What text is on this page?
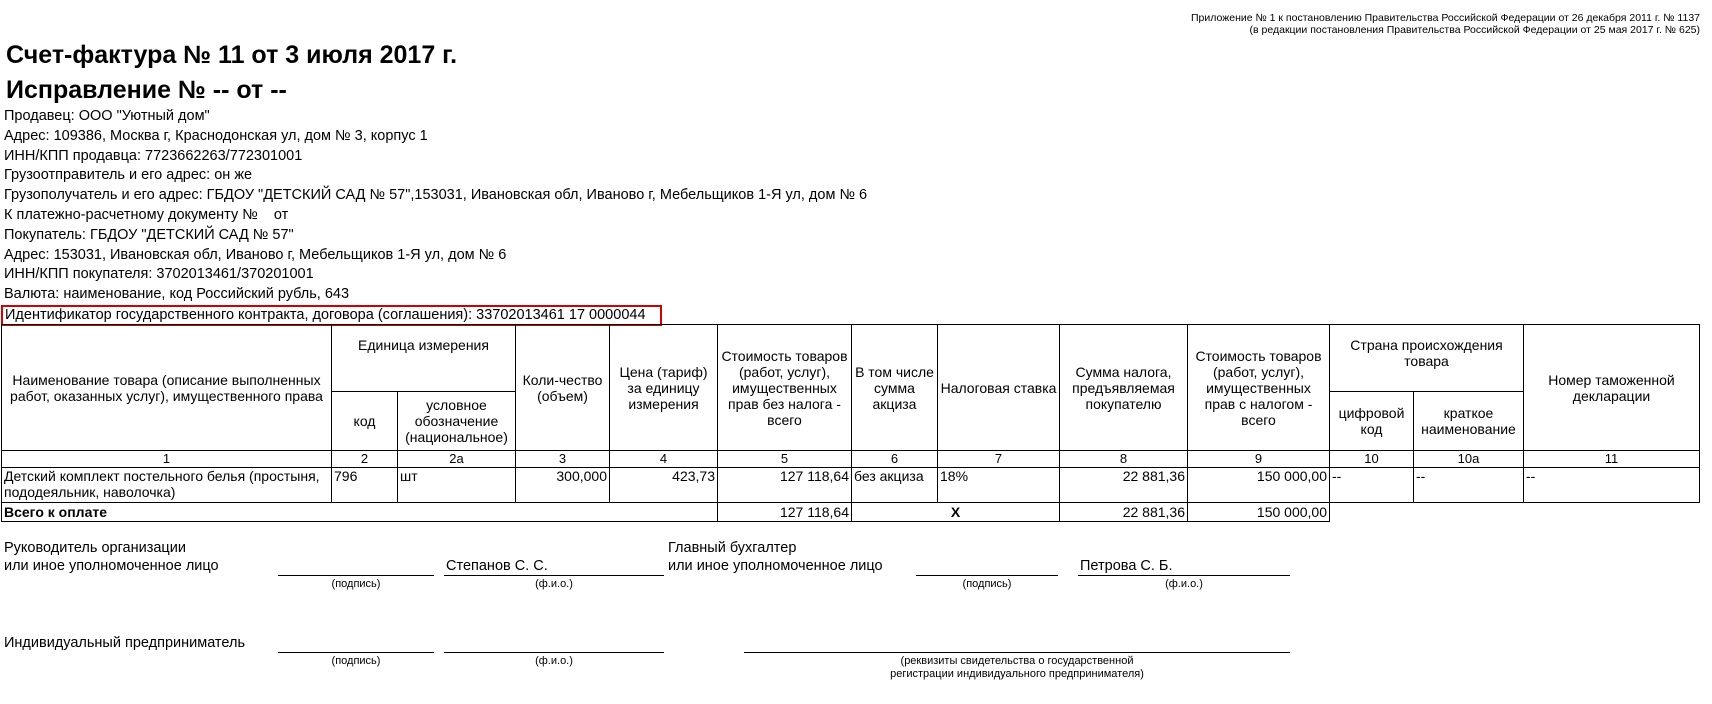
Приложение № 1 к постановлению Правительства Российской Федерации от 26 декабря 2011 г. № 1137
(в редакции постановления Правительства Российской Федерации от 25 мая 2017 г. № 625)
Счет-фактура № 11 от 3 июля 2017 г.
Исправление № -- от --
Продавец: ООО "Уютный дом"
Адрес: 109386, Москва г, Краснодонская ул, дом № 3, корпус 1
ИНН/КПП продавца: 7723662263/772301001
Грузоотправитель и его адрес: он же
Грузополучатель и его адрес: ГБДОУ "ДЕТСКИЙ САД № 57",153031, Ивановская обл, Иваново г, Мебельщиков 1-Я ул, дом № 6
К платежно-расчетному документу №    от
Покупатель: ГБДОУ "ДЕТСКИЙ САД № 57"
Адрес: 153031, Ивановская обл, Иваново г, Мебельщиков 1-Я ул, дом № 6
ИНН/КПП покупателя: 3702013461/370201001
Валюта: наименование, код Российский рубль, 643
Идентификатор государственного контракта, договора (соглашения): 33702013461 17 0000044
Наименование товара (описание выполненных работ, оказанных услуг), имущественного права	Единица измерения		Коли-чество (объем)	Цена (тариф) за единицу измерения	Стоимость товаров (работ, услуг), имущественных прав без налога - всего	В том числе сумма акциза	Налоговая ставка	Сумма налога, предъявляемая покупателю	Стоимость товаров (работ, услуг), имущественных прав с налогом - всего	Страна происхождения товара		Номер таможенной декларации
	код	условное обозначение (национальное)								цифровой код	краткое наименование	
1	2	2а	3	4	5	6	7	8	9	10	10а	11
Детский комплект постельного белья (простыня, пододеяльник, наволочка)	796	шт	300,000	423,73	127 118,64	без акциза	18%	22 881,36	150 000,00	--	--	--
Всего к оплате					127 118,64	X		22 881,36	150 000,00			
Руководитель организации
или иное уполномоченное лицо
(подпись)
Степанов С. С.
(ф.и.о.)
Главный бухгалтер
или иное уполномоченное лицо
(подпись)
Петрова С. Б.
(ф.и.о.)
Индивидуальный предприниматель
(подпись)	(ф.и.о.)	(реквизиты свидетельства о государственной
регистрации индивидуального предпринимателя)
